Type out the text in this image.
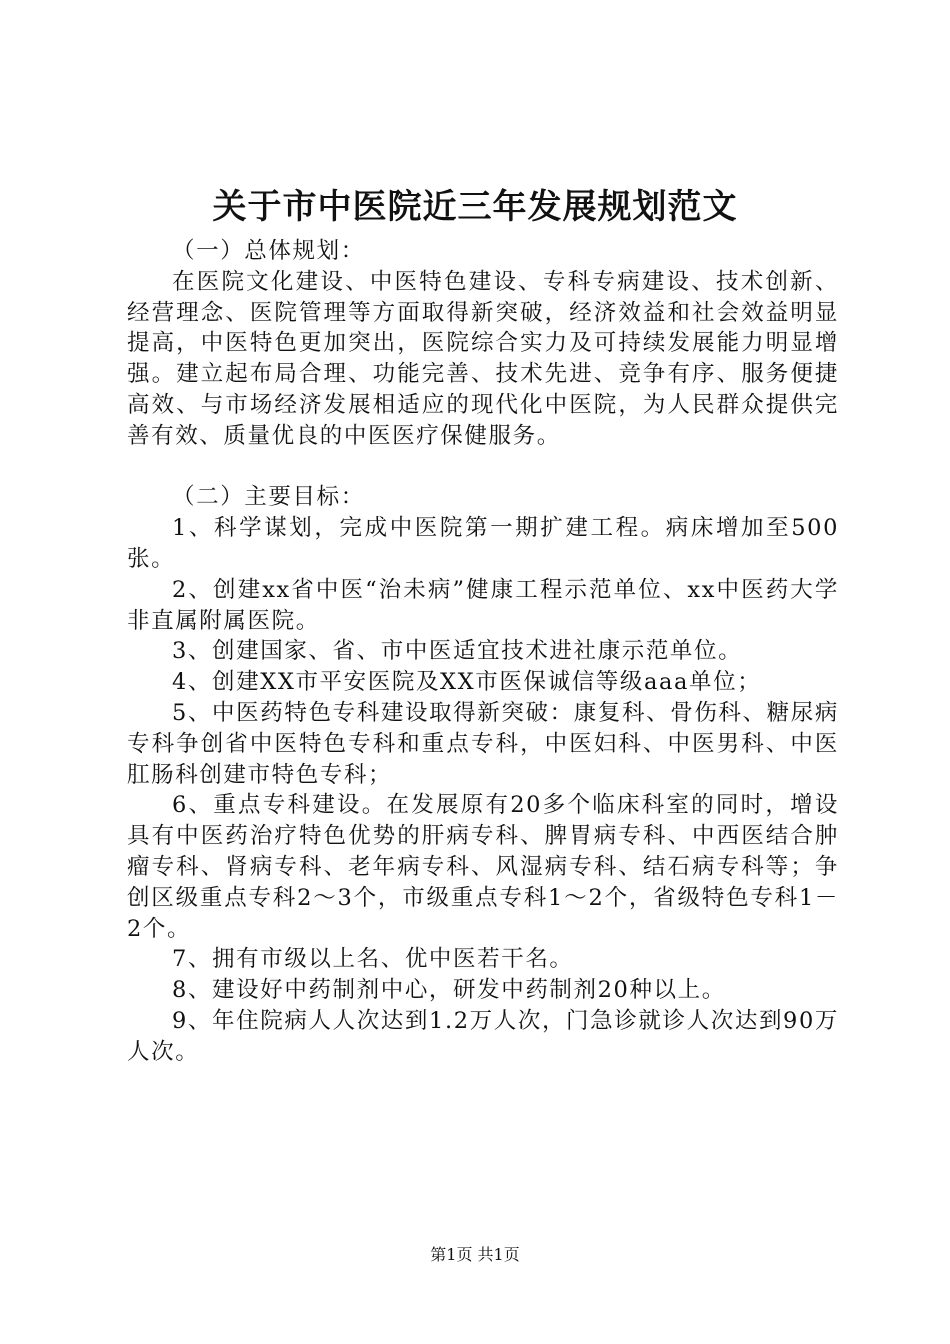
关于市中医院近三年发展规划范文

（一）总体规划：

在医院文化建设、中医特色建设、专科专病建设、技术创新、经营理念、医院管理等方面取得新突破，经济效益和社会效益明显提高，中医特色更加突出，医院综合实力及可持续发展能力明显增强。建立起布局合理、功能完善、技术先进、竞争有序、服务便捷高效、与市场经济发展相适应的现代化中医院，为人民群众提供完善有效、质量优良的中医医疗保健服务。

（二）主要目标：

1、科学谋划，完成中医院第一期扩建工程。病床增加至500张。

2、创建xx省中医“治未病”健康工程示范单位、xx中医药大学非直属附属医院。

3、创建国家、省、市中医适宜技术进社康示范单位。

4、创建XX市平安医院及XX市医保诚信等级aaa单位；

5、中医药特色专科建设取得新突破：康复科、骨伤科、糖尿病专科争创省中医特色专科和重点专科，中医妇科、中医男科、中医肛肠科创建市特色专科；

6、重点专科建设。在发展原有20多个临床科室的同时，增设具有中医药治疗特色优势的肝病专科、脾胃病专科、中西医结合肿瘤专科、肾病专科、老年病专科、风湿病专科、结石病专科等；争创区级重点专科2～3个，市级重点专科1～2个，省级特色专科1－2个。

7、拥有市级以上名、优中医若干名。

8、建设好中药制剂中心，研发中药制剂20种以上。

9、年住院病人人次达到1.2万人次，门急诊就诊人次达到90万人次。

第1页 共1页
